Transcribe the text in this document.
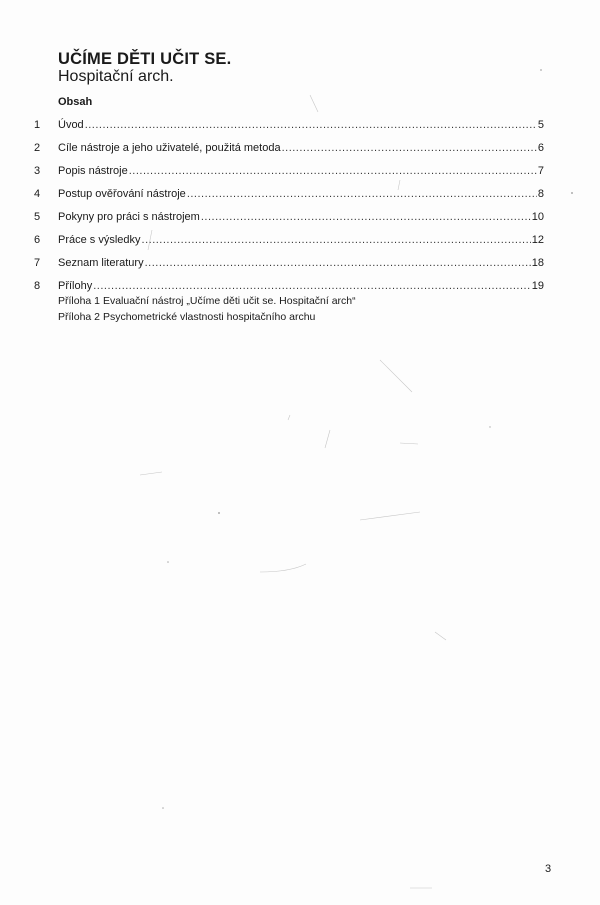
UČÍME DĚTI UČIT SE.
Hospitační arch.
Obsah
1	Úvod .....	5
2	Cíle nástroje a jeho uživatelé, použitá metoda .....	6
3	Popis nástroje .....	7
4	Postup ověřování nástroje .....	8
5	Pokyny pro práci s nástrojem .....	10
6	Práce s výsledky .....	12
7	Seznam literatury .....	18
8	Přílohy .....	19
Příloha 1 Evaluační nástroj „Učíme děti učit se. Hospitační arch“
Příloha 2 Psychometrické vlastnosti hospitačního archu
3
